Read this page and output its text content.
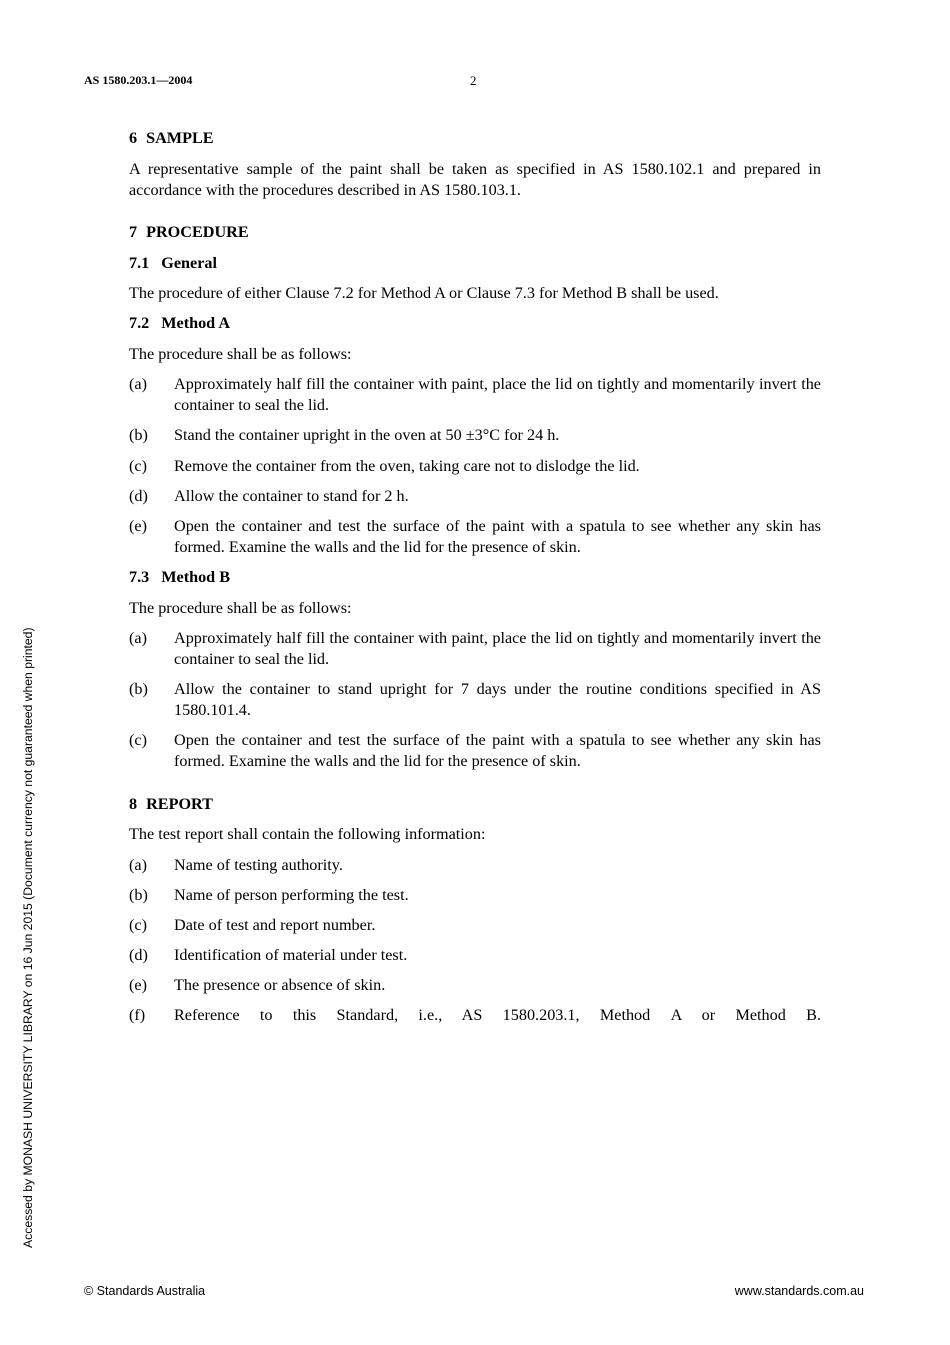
AS 1580.203.1—2004	2
Accessed by MONASH UNIVERSITY LIBRARY on 16 Jun 2015 (Document currency not guaranteed when printed)
6 SAMPLE

A representative sample of the paint shall be taken as specified in AS 1580.102.1 and prepared in accordance with the procedures described in AS 1580.103.1.

7 PROCEDURE
7.1 General

The procedure of either Clause 7.2 for Method A or Clause 7.3 for Method B shall be used.

7.2 Method A

The procedure shall be as follows:

(a)	Approximately half fill the container with paint, place the lid on tightly and momentarily invert the container to seal the lid.
(b)	Stand the container upright in the oven at 50 ±3°C for 24 h.
(c)	Remove the container from the oven, taking care not to dislodge the lid.
(d)	Allow the container to stand for 2 h.
(e)	Open the container and test the surface of the paint with a spatula to see whether any skin has formed. Examine the walls and the lid for the presence of skin.
7.3 Method B

The procedure shall be as follows:

(a)	Approximately half fill the container with paint, place the lid on tightly and momentarily invert the container to seal the lid.
(b)	Allow the container to stand upright for 7 days under the routine conditions specified in AS 1580.101.4.
(c)	Open the container and test the surface of the paint with a spatula to see whether any skin has formed. Examine the walls and the lid for the presence of skin.
8 REPORT

The test report shall contain the following information:

(a)	Name of testing authority.
(b)	Name of person performing the test.
(c)	Date of test and report number.
(d)	Identification of material under test.
(e)	The presence or absence of skin.
(f)	Reference to this Standard, i.e., AS 1580.203.1, Method A or Method B.
© Standards Australia	www.standards.com.au
